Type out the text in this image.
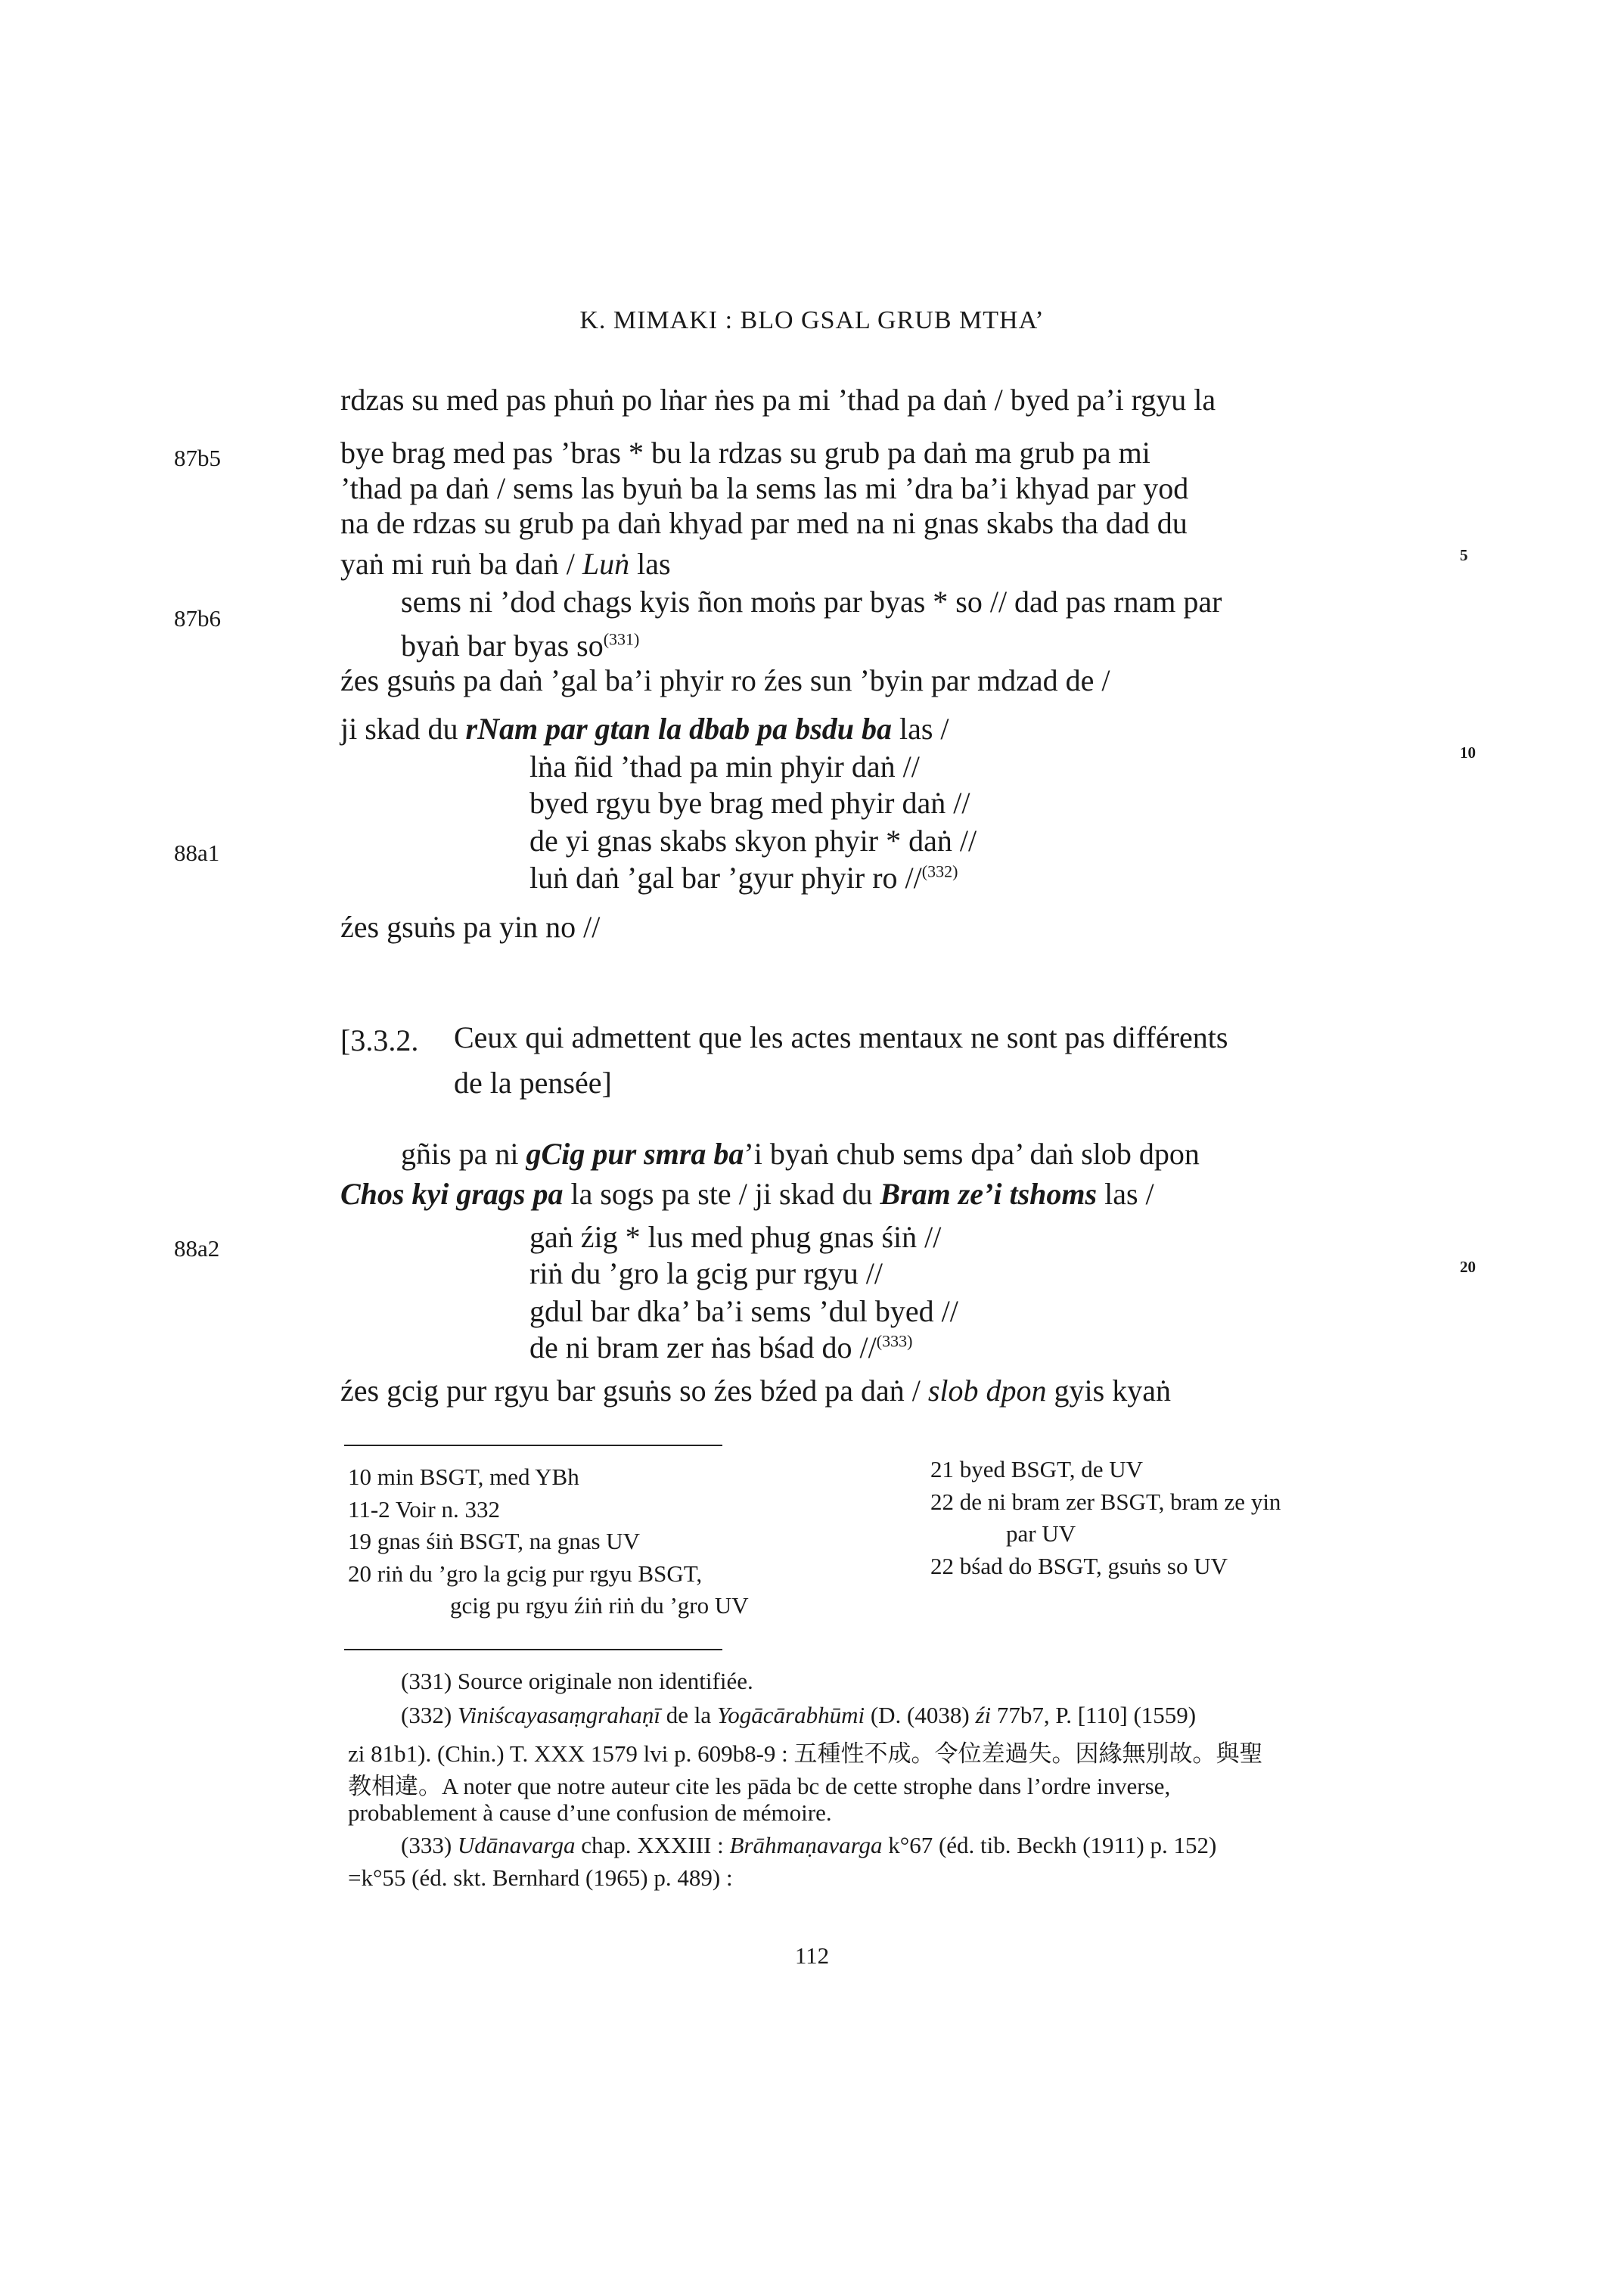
K. MIMAKI : BLO GSAL GRUB MTHA’
87b5
87b6
88a1
88a2
5
10
20
rdzas su med pas phuṅ po lṅar ṅes pa mi ’thad pa daṅ / byed pa’i rgyu la
bye brag med pas ’bras * bu la rdzas su grub pa daṅ ma grub pa mi
’thad pa daṅ / sems las byuṅ ba la sems las mi ’dra ba’i khyad par yod
na de rdzas su grub pa daṅ khyad par med na ni gnas skabs tha dad du
yaṅ mi ruṅ ba daṅ / Luṅ las
sems ni ’dod chags kyis ñon moṅs par byas * so // dad pas rnam par
byaṅ bar byas $so^{(331)}$
źes gsuṅs pa daṅ ’gal ba’i phyir ro źes sun ’byin par mdzad de /
ji skad du rNam par gtan la dbab pa bsdu ba las /
lṅa ñid ’thad pa min phyir daṅ //
byed rgyu bye brag med phyir daṅ //
de yi gnas skabs skyon phyir * daṅ //
luṅ daṅ ’gal bar ’gyur phyir ro //$^{(332)}$
źes gsuṅs pa yin no //
[3.3.2. Ceux qui admettent que les actes mentaux ne sont pas différents
de la pensée]
gñis pa ni gCig pur smra ba’i byaṅ chub sems dpa’ daṅ slob dpon
Chos kyi grags pa la sogs pa ste / ji skad du Bram ze’i tshoms las /
gaṅ źig * lus med phug gnas śiṅ //
riṅ du ’gro la gcig pur rgyu //
gdul bar dka’ ba’i sems ’dul byed //
de ni bram zer ṅas bśad do //$^{(333)}$
źes gcig pur rgyu bar gsuṅs so źes bźed pa daṅ / slob dpon gyis kyaṅ
10 min BSGT, med YBh
11-2 Voir n. 332
19 gnas śiṅ BSGT, na gnas UV
20 riṅ du ’gro la gcig pur rgyu BSGT,
gcig pu rgyu źiṅ riṅ du ’gro UV
21 byed BSGT, de UV
22 de ni bram zer BSGT, bram ze yin
par UV
22 bśad do BSGT, gsuṅs so UV
(331) Source originale non identifiée.
(332) Viniścayasaṃgrahaṇī de la Yogācārabhūmi (D. (4038) źi 77b7, P. [110] (1559)
zi 81b1). (Chin.) T. XXX 1579 lvi p. 609b8-9 : 五種性不成。令位差過失。因緣無別故。與聖
教相違。A noter que notre auteur cite les pāda bc de cette strophe dans l’ordre inverse,
probablement à cause d’une confusion de mémoire.
(333) Udānavarga chap. XXXIII : Brāhmaṇavarga k°67 (éd. tib. Beckh (1911) p. 152)
=k°55 (éd. skt. Bernhard (1965) p. 489) :
112
